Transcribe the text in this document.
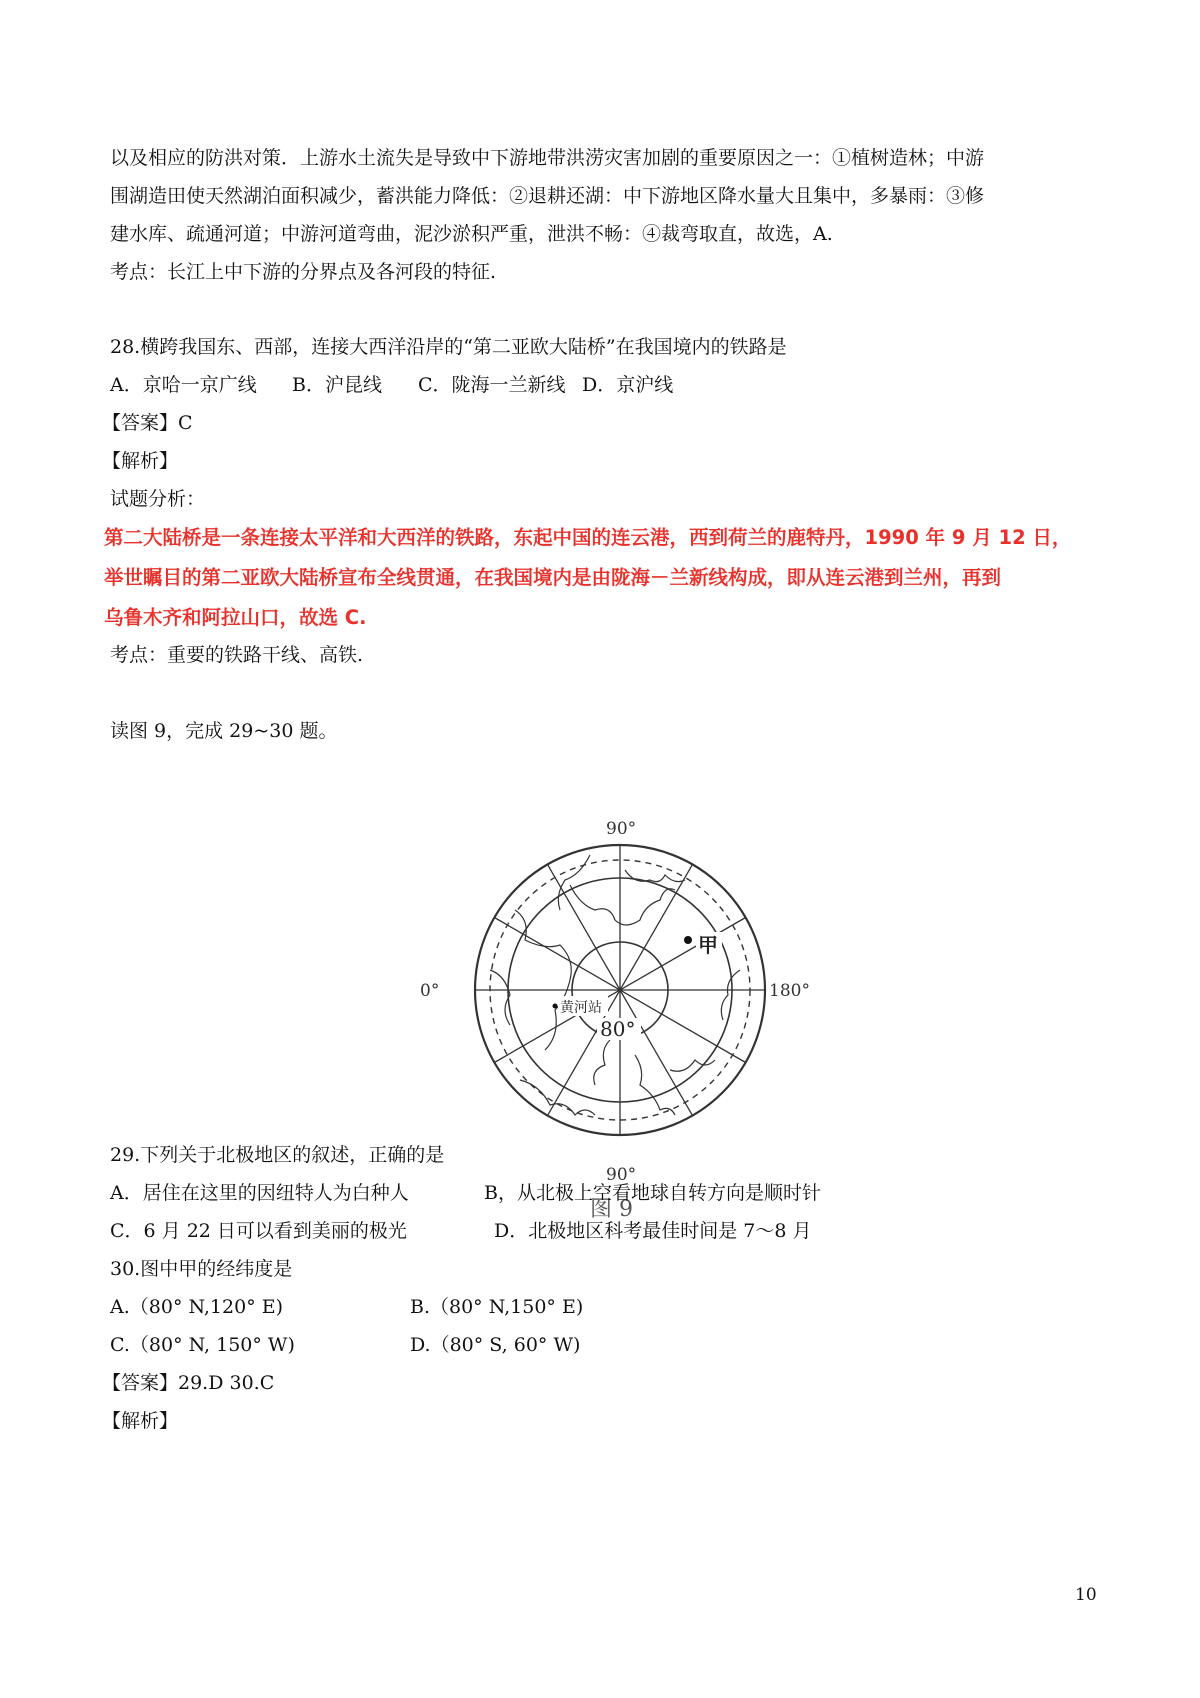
以及相应的防洪对策．上游水土流失是导致中下游地带洪涝灾害加剧的重要原因之一：①植树造林；中游
围湖造田使天然湖泊面积减少，蓄洪能力降低：②退耕还湖：中下游地区降水量大且集中，多暴雨：③修
建水库、疏通河道；中游河道弯曲，泥沙淤积严重，泄洪不畅：④裁弯取直，故选，A.
考点：长江上中下游的分界点及各河段的特征.
28.横跨我国东、西部，连接大西洋沿岸的“第二亚欧大陆桥”在我国境内的铁路是
A．京哈一京广线 B．沪昆线 C．陇海一兰新线 D．京沪线
【答案】C
【解析】
试题分析：
第二大陆桥是一条连接太平洋和大西洋的铁路，东起中国的连云港，西到荷兰的鹿特丹，1990 年 9 月 12 日，
举世瞩目的第二亚欧大陆桥宣布全线贯通，在我国境内是由陇海－兰新线构成，即从连云港到兰州，再到
乌鲁木齐和阿拉山口，故选 C.
考点：重要的铁路干线、高铁.
读图 9，完成 29~30 题。
90°
90°
0°	180°
80°
甲
黄河站
图 9
29.下列关于北极地区的叙述，正确的是
A．居住在这里的因纽特人为白种人	B，从北极上空看地球自转方向是顺时针
C．6 月 22 日可以看到美丽的极光	D．北极地区科考最佳时间是 7～8 月
30.图中甲的经纬度是
A.（80° N,120° E)	B.（80° N,150° E)
C.（80° N, 150° W)	D.（80° S, 60° W)
【答案】29.D 30.C
【解析】
10
